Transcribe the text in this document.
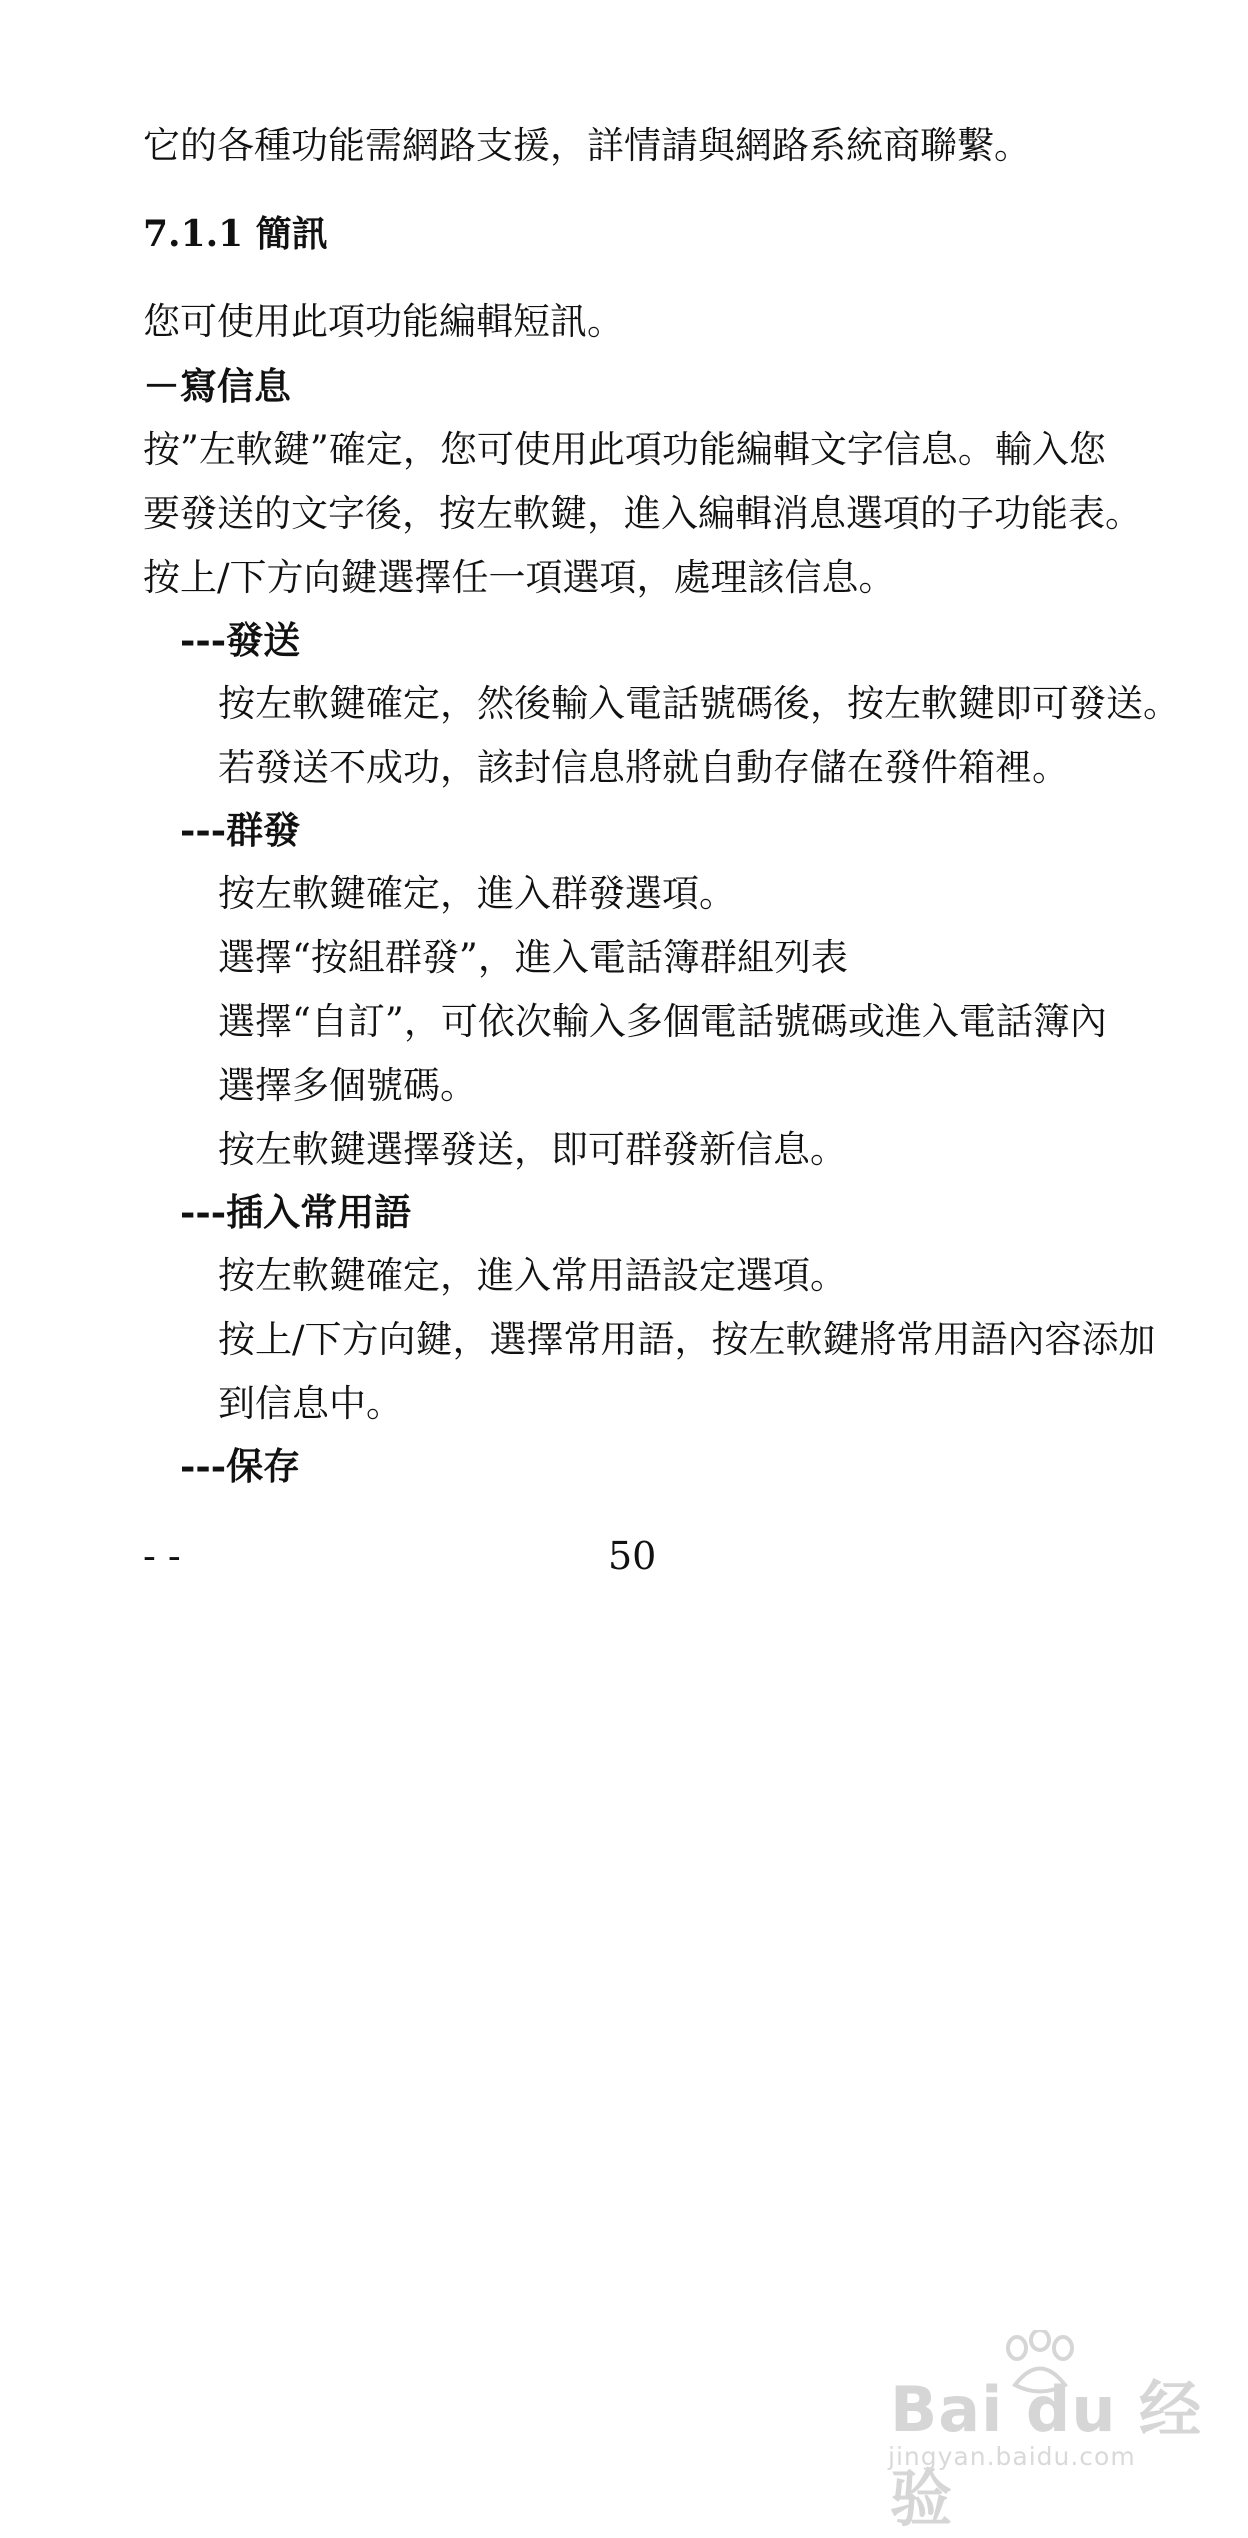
它的各種功能需網路支援，詳情請與網路系統商聯繫。
7.1.1 簡訊
您可使用此項功能編輯短訊。
－寫信息
按”左軟鍵”確定，您可使用此項功能編輯文字信息。輸入您
要發送的文字後，按左軟鍵，進入編輯消息選項的子功能表。
按上/下方向鍵選擇任一項選項，處理該信息。
---發送
按左軟鍵確定，然後輸入電話號碼後，按左軟鍵即可發送。
若發送不成功，該封信息將就自動存儲在發件箱裡。
---群發
按左軟鍵確定，進入群發選項。
選擇“按組群發”，進入電話簿群組列表
選擇“自訂”，可依次輸入多個電話號碼或進入電話簿內
選擇多個號碼。
按左軟鍵選擇發送，即可群發新信息。
---插入常用語
按左軟鍵確定，進入常用語設定選項。
按上/下方向鍵，選擇常用語，按左軟鍵將常用語內容添加
到信息中。
---保存
- -	50
Bai du 经验
jingyan.baidu.com
